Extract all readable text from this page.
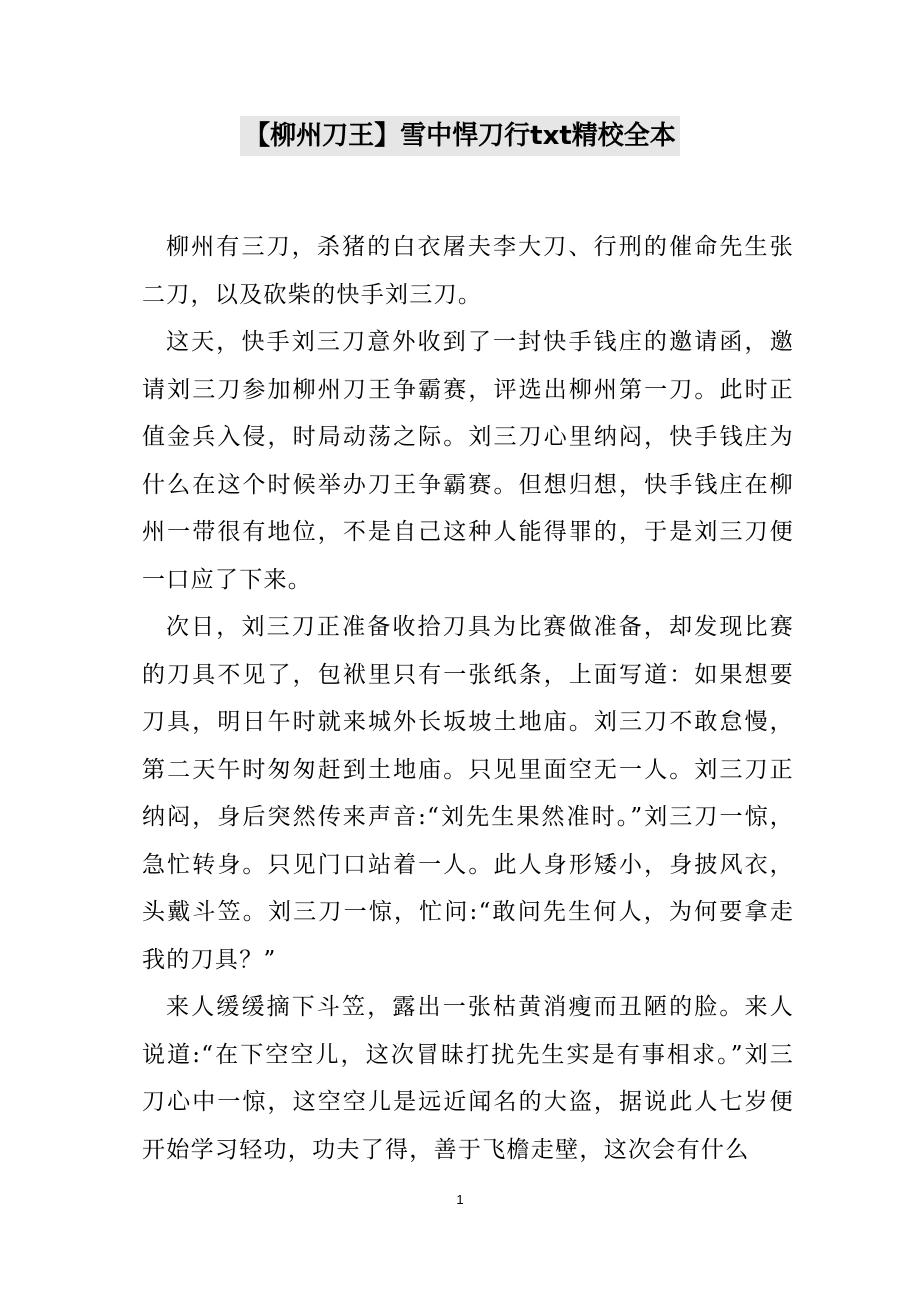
【柳州刀王】雪中悍刀行txt精校全本

柳州有三刀，杀猪的白衣屠夫李大刀、行刑的催命先生张二刀，以及砍柴的快手刘三刀。

这天，快手刘三刀意外收到了一封快手钱庄的邀请函，邀请刘三刀参加柳州刀王争霸赛，评选出柳州第一刀。此时正值金兵入侵，时局动荡之际。刘三刀心里纳闷，快手钱庄为什么在这个时候举办刀王争霸赛。但想归想，快手钱庄在柳州一带很有地位，不是自己这种人能得罪的，于是刘三刀便一口应了下来。

次日，刘三刀正准备收拾刀具为比赛做准备，却发现比赛的刀具不见了，包袱里只有一张纸条，上面写道：如果想要刀具，明日午时就来城外长坂坡土地庙。刘三刀不敢怠慢，第二天午时匆匆赶到土地庙。只见里面空无一人。刘三刀正纳闷，身后突然传来声音:“刘先生果然准时。”刘三刀一惊，急忙转身。只见门口站着一人。此人身形矮小，身披风衣，头戴斗笠。刘三刀一惊，忙问:“敢问先生何人，为何要拿走我的刀具？”

来人缓缓摘下斗笠，露出一张枯黄消瘦而丑陋的脸。来人说道:“在下空空儿，这次冒昧打扰先生实是有事相求。”刘三刀心中一惊，这空空儿是远近闻名的大盗，据说此人七岁便开始学习轻功，功夫了得，善于飞檐走壁，这次会有什么

1
